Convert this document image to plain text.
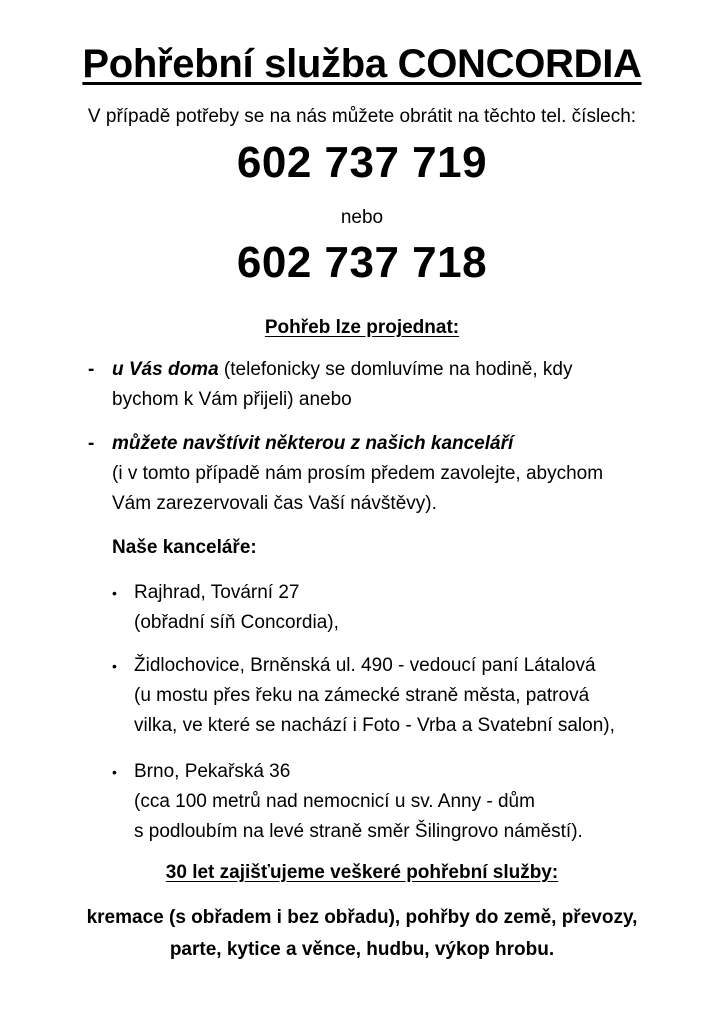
Pohřební služba CONCORDIA
V případě potřeby se na nás můžete obrátit na těchto tel. číslech:
602 737 719
nebo
602 737 718
Pohřeb lze projednat:
- u Vás doma (telefonicky se domluvíme na hodině, kdy
bychom k Vám přijeli) anebo
- můžete navštívit některou z našich kanceláří
(i v tomto případě nám prosím předem zavolejte, abychom
Vám zarezervovali čas Vaší návštěvy).
Naše kanceláře:
• Rajhrad, Tovární 27
(obřadní síň Concordia),
• Židlochovice, Brněnská ul. 490 - vedoucí paní Látalová
(u mostu přes řeku na zámecké straně města, patrová
vilka, ve které se nachází i Foto - Vrba a Svatební salon),
• Brno, Pekařská 36
(cca 100 metrů nad nemocnicí u sv. Anny - dům
s podloubím na levé straně směr Šilingrovo náměstí).
30 let zajišťujeme veškeré pohřební služby:
kremace (s obřadem i bez obřadu), pohřby do země, převozy,
parte, kytice a věnce, hudbu, výkop hrobu.
